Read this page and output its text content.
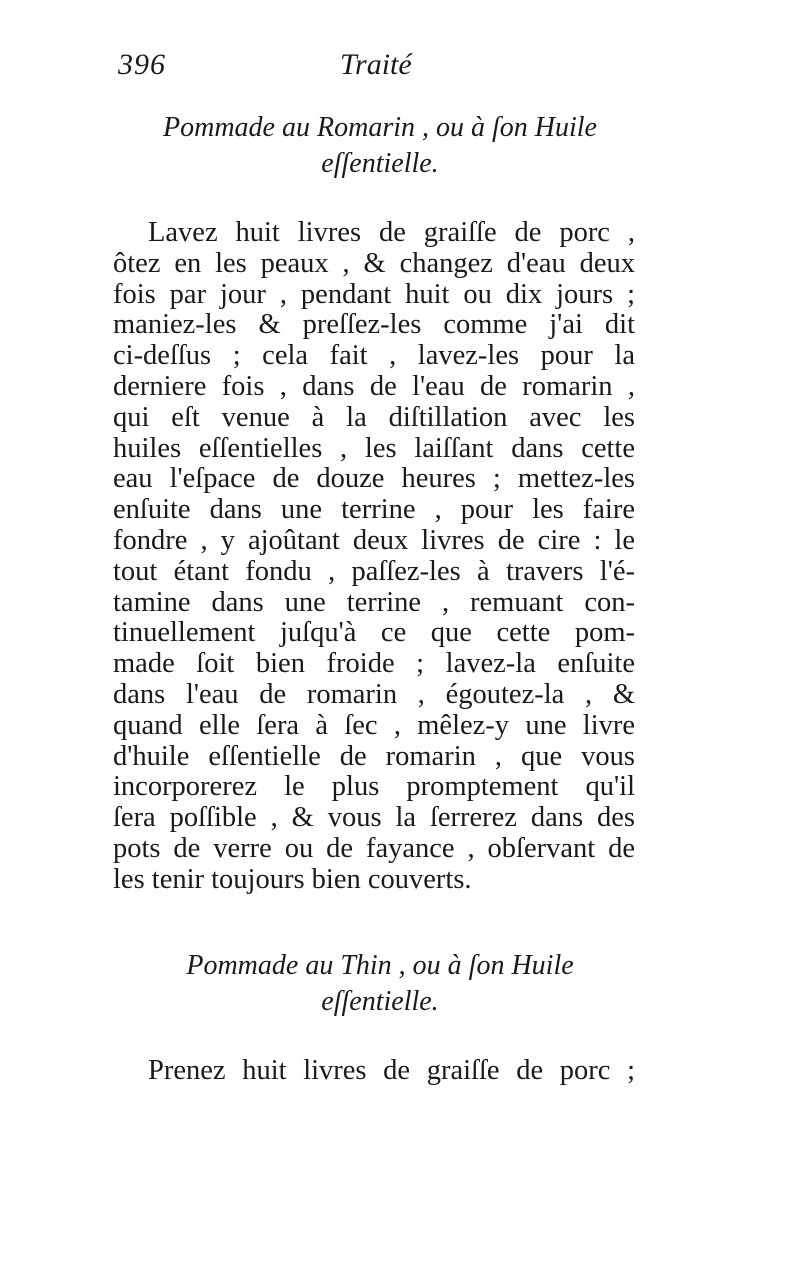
396	Traité
Pommade au Romarin , ou à ſon Huile
eſſentielle.
Lavez huit livres de graiſſe de porc ,
ôtez en les peaux , & changez d'eau deux
fois par jour , pendant huit ou dix jours ;
maniez-les & preſſez-les comme j'ai dit
ci-deſſus ; cela fait , lavez-les pour la
derniere fois , dans de l'eau de romarin ,
qui eſt venue à la diſtillation avec les
huiles eſſentielles , les laiſſant dans cette
eau l'eſpace de douze heures ; mettez-les
enſuite dans une terrine , pour les faire
fondre , y ajoûtant deux livres de cire : le
tout étant fondu , paſſez-les à travers l'é-
tamine dans une terrine , remuant con-
tinuellement juſqu'à ce que cette pom-
made ſoit bien froide ; lavez-la enſuite
dans l'eau de romarin , égoutez-la , &
quand elle ſera à ſec , mêlez-y une livre
d'huile eſſentielle de romarin , que vous
incorporerez le plus promptement qu'il
ſera poſſible , & vous la ſerrerez dans des
pots de verre ou de fayance , obſervant de
les tenir toujours bien couverts.
Pommade au Thin , ou à ſon Huile
eſſentielle.
Prenez huit livres de graiſſe de porc ;
